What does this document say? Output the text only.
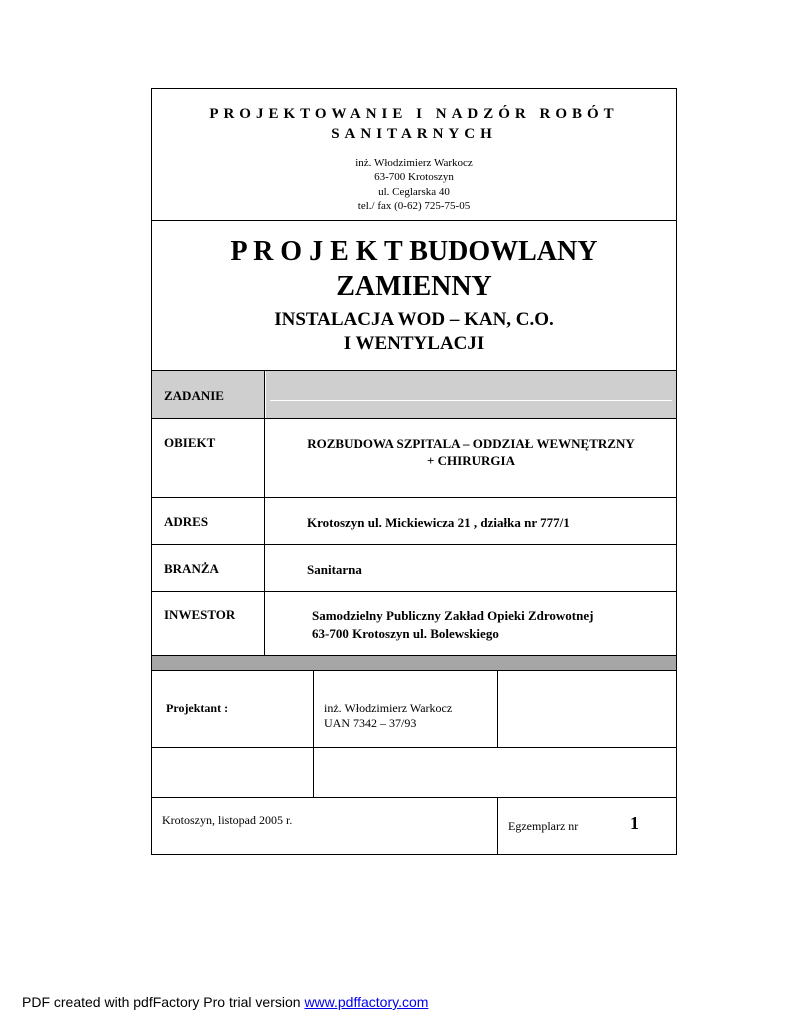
PROJEKTOWANIE I NADZÓR ROBÓT
SANITARNYCH
inż. Włodzimierz Warkocz
63-700 Krotoszyn
ul. Ceglarska 40
tel./ fax (0-62) 725-75-05
P R O J E K T BUDOWLANY
ZAMIENNY
INSTALACJA WOD – KAN, C.O.
I WENTYLACJI
ZADANIE
OBIEKT	ROZBUDOWA SZPITALA – ODDZIAŁ WEWNĘTRZNY
+ CHIRURGIA
ADRES	Krotoszyn ul. Mickiewicza 21 , działka nr 777/1
BRANŻA	Sanitarna
INWESTOR	Samodzielny Publiczny Zakład Opieki Zdrowotnej
63-700 Krotoszyn ul. Bolewskiego
Projektant :	inż. Włodzimierz Warkocz
UAN 7342 – 37/93
Krotoszyn, listopad 2005 r.	Egzemplarz nr	1
PDF created with pdfFactory Pro trial version www.pdffactory.com
